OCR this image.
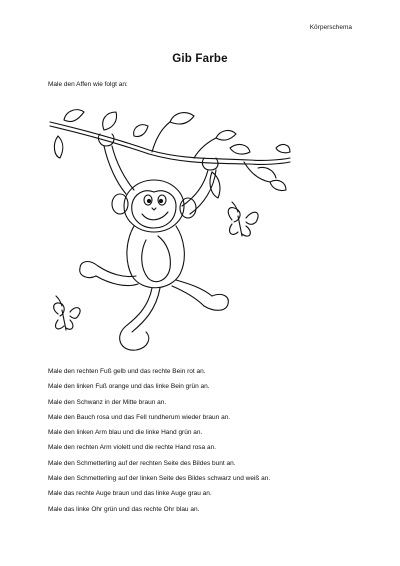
Körperschema
Gib Farbe
Male den Affen wie folgt an:
Male den rechten Fuß gelb und das rechte Bein rot an.
Male den linken Fuß orange und das linke Bein grün an.
Male den Schwanz in der Mitte braun an.
Male den Bauch rosa und das Fell rundherum wieder braun an.
Male den linken Arm blau und die linke Hand grün an.
Male den rechten Arm violett und die rechte Hand rosa an.
Male den Schmetterling auf der rechten Seite des Bildes bunt an.
Male den Schmetterling auf der linken Seite des Bildes schwarz und weiß an.
Male das rechte Auge braun und das linke Auge grau an.
Male das linke Ohr grün und das rechte Ohr blau an.
